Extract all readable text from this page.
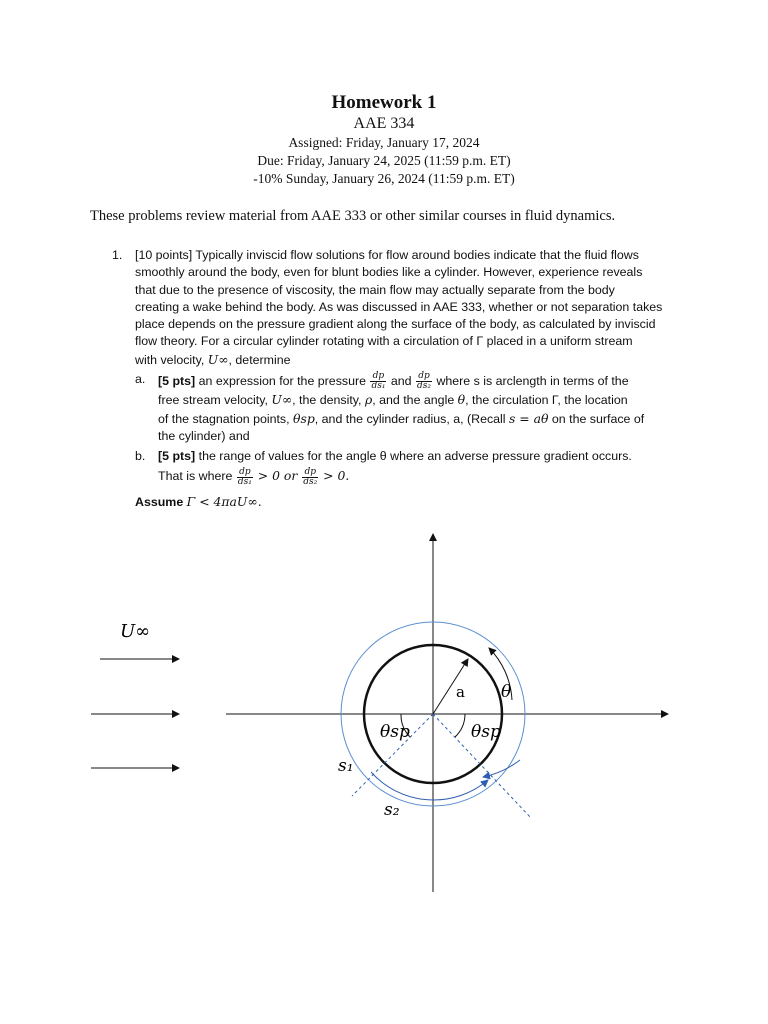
Homework 1
AAE 334
Assigned: Friday, January 17, 2024
Due: Friday, January 24, 2025 (11:59 p.m. ET)
-10% Sunday, January 26, 2024 (11:59 p.m. ET)
These problems review material from AAE 333 or other similar courses in fluid dynamics.
1. [10 points] Typically inviscid flow solutions for flow around bodies indicate that the fluid flows
smoothly around the body, even for blunt bodies like a cylinder. However, experience reveals
that due to the presence of viscosity, the main flow may actually separate from the body
creating a wake behind the body. As was discussed in AAE 333, whether or not separation takes
place depends on the pressure gradient along the surface of the body, as calculated by inviscid
flow theory. For a circular cylinder rotating with a circulation of Γ placed in a uniform stream
with velocity, U∞, determine
a. [5 pts] an expression for the pressure $\frac{dp}{\text{ds₁}}$ and $\frac{dp}{\text{ds₂}}$ where s is arclength in terms of the
free stream velocity, U∞, the density, ρ, and the angle θ, the circulation Γ, the location
of the stagnation points, θsp, and the cylinder radius, a, (Recall s = aθ on the surface of
the cylinder) and
b. [5 pts] the range of values for the angle θ where an adverse pressure gradient occurs.
That is where $\frac{dp}{\text{ds₁}} > 0$ or $\frac{dp}{\text{ds₂}} > 0$.
Assume Γ < 4πaU∞.
U∞
a θ
θsp	θsp
s₁
s₂
